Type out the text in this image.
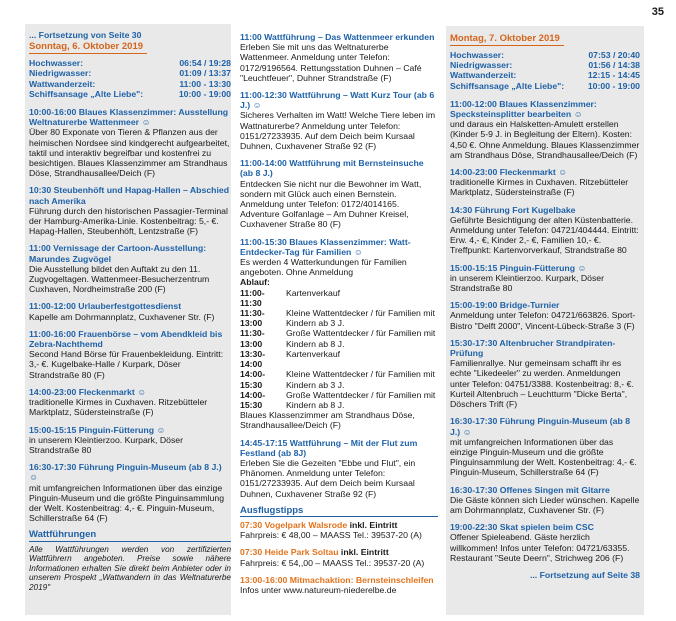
35
... Fortsetzung von Seite 30
Sonntag, 6. Oktober 2019
Hochwasser:	06:54 / 19:28
Niedrigwasser:	01:09 / 13:37
Wattwanderzeit:	11:00 - 13:30
Schiffsansage „Alte Liebe":	10:00 - 19:00
10:00-16:00 Blaues Klassenzimmer: Ausstellung Weltnaturerbe Wattenmeer ☺
Über 80 Exponate von Tieren & Pflanzen aus der heimischen Nordsee sind kindgerecht aufgearbeitet, taktil und interaktiv begreifbar und kostenfrei zu besichtigen. Blaues Klassenzimmer am Strandhaus Döse, Strandhausallee/Deich (F)
10:30 Steubenhöft und Hapag-Hallen – Abschied nach Amerika
Führung durch den historischen Passagier-Terminal der Hamburg-Amerika-Linie. Kostenbeitrag: 5,- €. Hapag-Hallen, Steubenhöft, Lentzstraße (F)
11:00 Vernissage der Cartoon-Ausstellung: Marundes Zugvögel
Die Ausstellung bildet den Auftakt zu den 11. Zugvogeltagen. Wattenmeer-Besucherzentrum Cuxhaven, Nordheimstraße 200 (F)
11:00-12:00 Urlauberfestgottesdienst
Kapelle am Dohrmannplatz, Cuxhavener Str. (F)
11:00-16:00 Frauenbörse – vom Abendkleid bis Zebra-Nachthemd
Second Hand Börse für Frauenbekleidung. Eintritt: 3,- €. Kugelbake-Halle / Kurpark, Döser Strandstraße 80 (F)
14:00-23:00 Fleckenmarkt ☺
traditionelle Kirmes in Cuxhaven. Ritzebütteler Marktplatz, Südersteinstraße (F)
15:00-15:15 Pinguin-Fütterung ☺
in unserem Kleintierzoo. Kurpark, Döser Strandstraße 80
16:30-17:30 Führung Pinguin-Museum (ab 8 J.) ☺
mit umfangreichen Informationen über das einzige Pinguin-Museum und die größte Pinguinsammlung der Welt. Kostenbeitrag: 4,- €. Pinguin-Museum, Schillerstraße 64 (F)
Wattführungen
Alle Wattführungen werden von zertifizierten Wattführern angeboten. Preise sowie nähere Informationen erhalten Sie direkt beim Anbieter oder in unserem Prospekt „Wattwandern in das Weltnaturerbe 2019"
11:00 Wattführung – Das Wattenmeer erkunden
Erleben Sie mit uns das Weltnaturerbe Wattenmeer. Anmeldung unter Telefon: 0172/9196564. Rettungsstation Duhnen – Café "Leuchtfeuer", Duhner Strandstraße (F)
11:00-12:30 Wattführung – Watt Kurz Tour (ab 6 J.) ☺
Sicheres Verhalten im Watt! Welche Tiere leben im Wattnaturerbe? Anmeldung unter Telefon: 0151/27233935. Auf dem Deich beim Kursaal Duhnen, Cuxhavener Straße 92 (F)
11:00-14:00 Wattführung mit Bernsteinsuche (ab 8 J.)
Entdecken Sie nicht nur die Bewohner im Watt, sondern mit Glück auch einen Bernstein. Anmeldung unter Telefon: 0172/4014165. Adventure Golfanlage – Am Duhner Kreisel, Cuxhavener Straße 80 (F)
11:00-15:30 Blaues Klassenzimmer: Watt-Entdecker-Tag für Familien ☺
Es werden 4 Watterkundungen für Familien angeboten. Ohne Anmeldung
Ablauf:
11:00-11:30
Kartenverkauf
11:30-13:00
Kleine Wattentdecker / für Familien mit Kindern ab 3 J.
11:30-13:00
Große Wattentdecker / für Familien mit Kindern ab 8 J.
13:30-14:00
Kartenverkauf
14:00-15:30
Kleine Wattentdecker / für Familien mit Kindern ab 3 J.
14:00-15:30
Große Wattentdecker / für Familien mit Kindern ab 8 J.
Blaues Klassenzimmer am Strandhaus Döse, Strandhausallee/Deich (F)
14:45-17:15 Wattführung – Mit der Flut zum Festland (ab 8J)
Erleben Sie die Gezeiten "Ebbe und Flut", ein Phänomen. Anmeldung unter Telefon: 0151/27233935. Auf dem Deich beim Kursaal Duhnen, Cuxhavener Straße 92 (F)
Ausflugstipps
07:30 Vogelpark Walsrode inkl. Eintritt
Fahrpreis: € 48,00 – MAASS Tel.: 39537-20 (A)
07:30 Heide Park Soltau inkl. Eintritt
Fahrpreis: € 54,,00 – MAASS Tel.: 39537-20 (A)
13:00-16:00 Mitmachaktion: Bernsteinschleifen
Infos unter www.natureum-niederelbe.de
Montag, 7. Oktober 2019
Hochwasser:	07:53 / 20:40
Niedrigwasser:	01:56 / 14:38
Wattwanderzeit:	12:15 - 14:45
Schiffsansage „Alte Liebe":	10:00 - 19:00
11:00-12:00 Blaues Klassenzimmer: Specksteinsplitter bearbeiten ☺
und daraus ein Halsketten-Amulett erstellen (Kinder 5-9 J. in Begleitung der Eltern). Kosten: 4,50 €. Ohne Anmeldung. Blaues Klassenzimmer am Strandhaus Döse, Strandhausallee/Deich (F)
14:00-23:00 Fleckenmarkt ☺
traditionelle Kirmes in Cuxhaven. Ritzebütteler Marktplatz, Südersteinstraße (F)
14:30 Führung Fort Kugelbake
Geführte Besichtigung der alten Küstenbatterie. Anmeldung unter Telefon: 04721/404444. Eintritt: Erw. 4,- €, Kinder 2,- €, Familien 10,- €. Treffpunkt: Kartenvorverkauf, Strandstraße 80
15:00-15:15 Pinguin-Fütterung ☺
in unserem Kleintierzoo. Kurpark, Döser Strandstraße 80
15:00-19:00 Bridge-Turnier
Anmeldung unter Telefon: 04721/663826. Sport-Bistro "Delft 2000", Vincent-Lübeck-Straße 3 (F)
15:30-17:30 Altenbrucher Strandpiraten-Prüfung
Familienrallye. Nur gemeinsam schafft ihr es echte "Likedeeler" zu werden. Anmeldungen unter Telefon: 04751/3388. Kostenbeitrag: 8,- €. Kurteil Altenbruch – Leuchtturm "Dicke Berta", Döschers Trift (F)
16:30-17:30 Führung Pinguin-Museum (ab 8 J.) ☺
mit umfangreichen Informationen über das einzige Pinguin-Museum und die größte Pinguinsammlung der Welt. Kostenbeitrag: 4,- €. Pinguin-Museum, Schillerstraße 64 (F)
16:30-17:30 Offenes Singen mit Gitarre
Die Gäste können sich Lieder wünschen. Kapelle am Dohrmannplatz, Cuxhavener Str. (F)
19:00-22:30 Skat spielen beim CSC
Offener Spieleabend. Gäste herzlich willkommen! Infos unter Telefon: 04721/63355. Restaurant "Seute Deern", Strichweg 206 (F)
... Fortsetzung auf Seite 38
